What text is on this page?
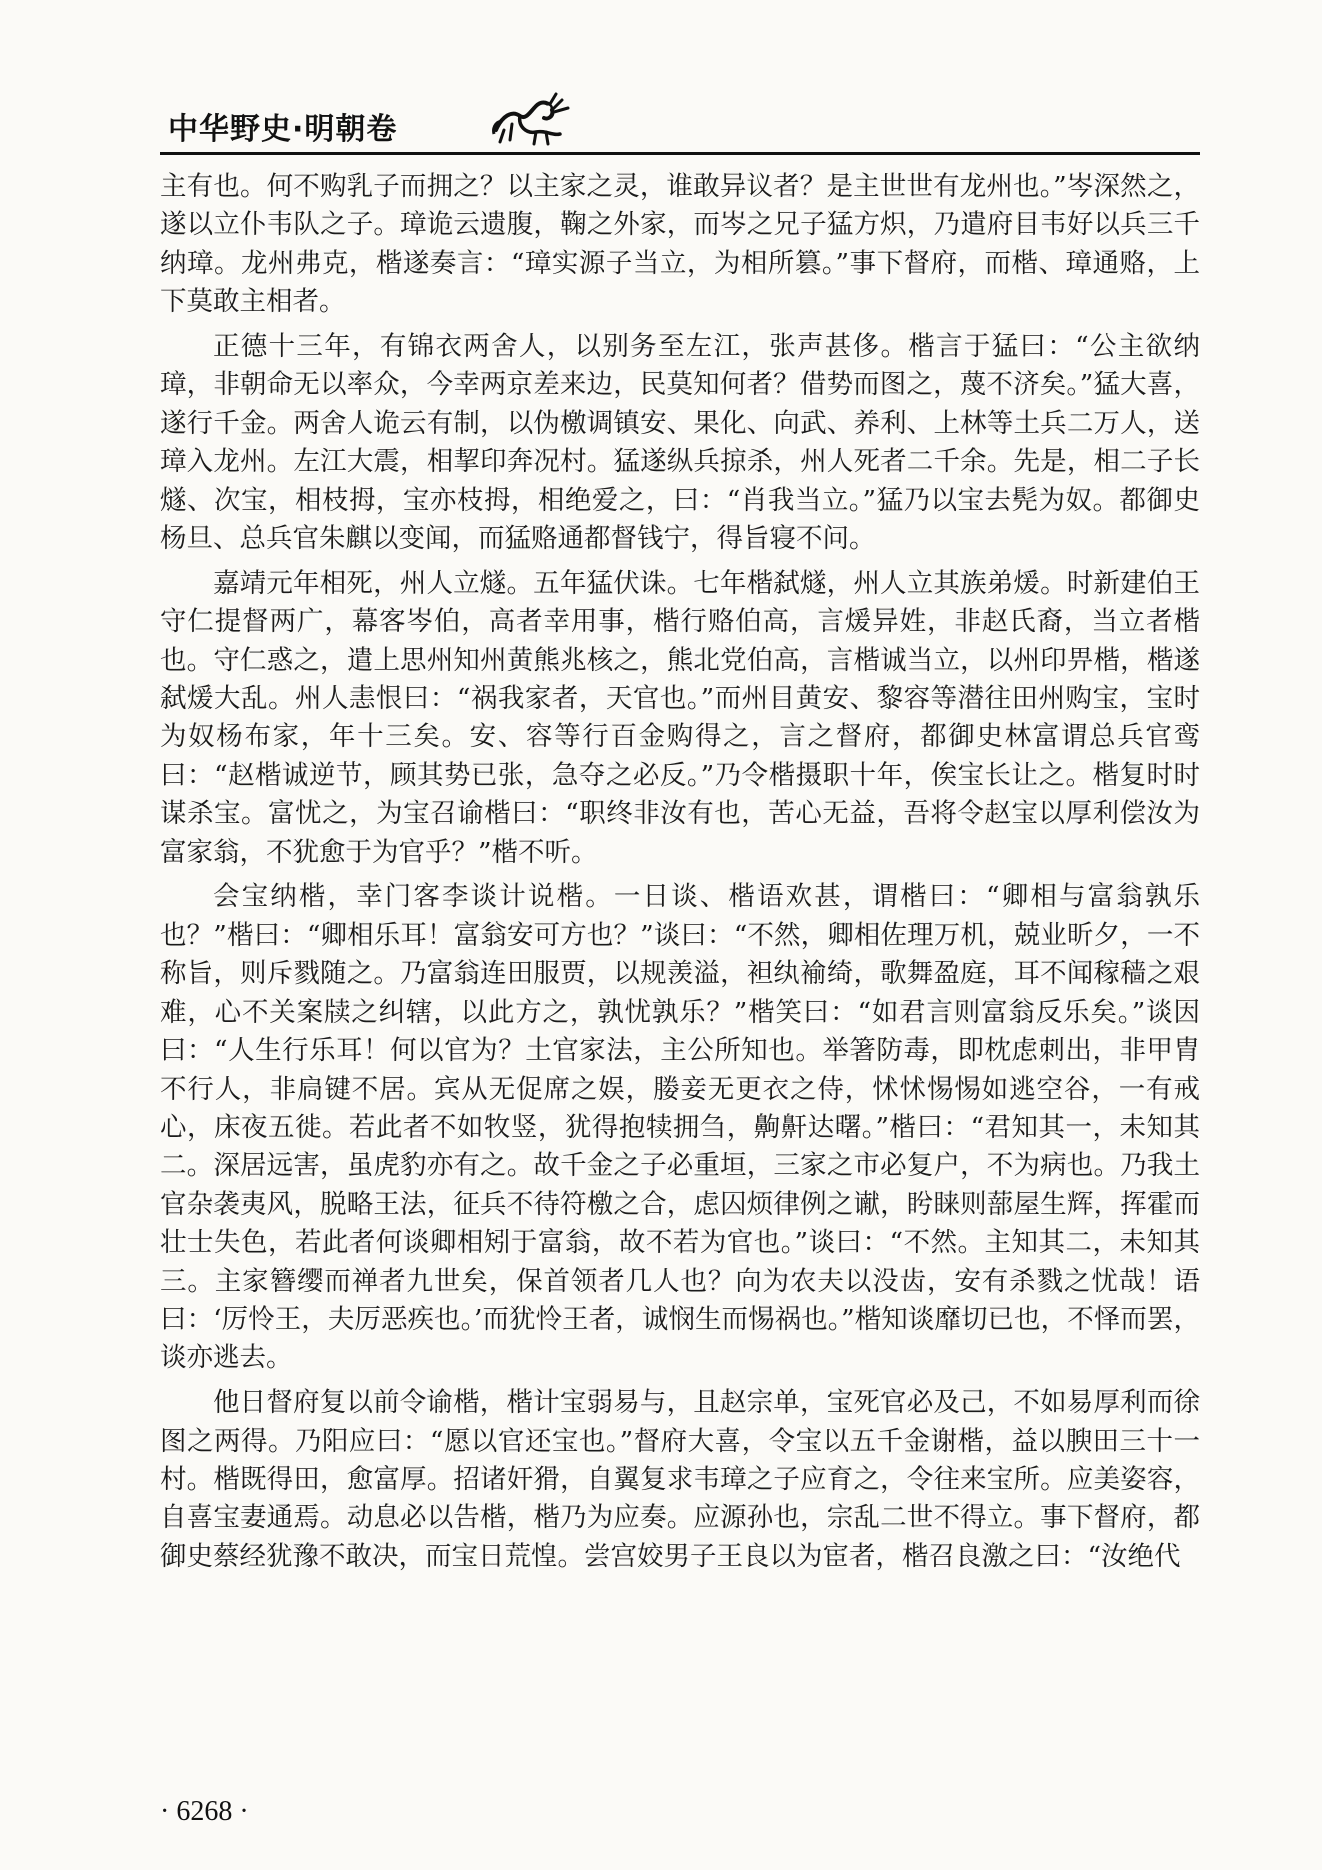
中华野史·明朝卷

主有也。何不购乳子而拥之？以主家之灵，谁敢异议者？是主世世有龙州也。”岑深然之，遂以立仆韦队之子。璋诡云遗腹，鞠之外家，而岑之兄子猛方炽，乃遣府目韦好以兵三千纳璋。龙州弗克，楷遂奏言：“璋实源子当立，为相所篡。”事下督府，而楷、璋通赂，上下莫敢主相者。

正德十三年，有锦衣两舍人，以别务至左江，张声甚侈。楷言于猛曰：“公主欲纳璋，非朝命无以率众，今幸两京差来边，民莫知何者？借势而图之，蔑不济矣。”猛大喜，遂行千金。两舍人诡云有制，以伪檄调镇安、果化、向武、养利、上林等土兵二万人，送璋入龙州。左江大震，相挈印奔况村。猛遂纵兵掠杀，州人死者二千余。先是，相二子长燧、次宝，相枝拇，宝亦枝拇，相绝爱之，曰：“肖我当立。”猛乃以宝去髡为奴。都御史杨旦、总兵官朱麒以变闻，而猛赂通都督钱宁，得旨寝不问。

嘉靖元年相死，州人立燧。五年猛伏诛。七年楷弑燧，州人立其族弟煖。时新建伯王守仁提督两广，幕客岑伯，高者幸用事，楷行赂伯高，言煖异姓，非赵氏裔，当立者楷也。守仁惑之，遣上思州知州黄熊兆核之，熊北党伯高，言楷诚当立，以州印畀楷，楷遂弑煖大乱。州人恚恨曰：“祸我家者，天官也。”而州目黄安、黎容等潜往田州购宝，宝时为奴杨布家，年十三矣。安、容等行百金购得之，言之督府，都御史林富谓总兵官鸾曰：“赵楷诚逆节，顾其势已张，急夺之必反。”乃令楷摄职十年，俟宝长让之。楷复时时谋杀宝。富忧之，为宝召谕楷曰：“职终非汝有也，苦心无益，吾将令赵宝以厚利偿汝为富家翁，不犹愈于为官乎？”楷不听。

会宝纳楷，幸门客李谈计说楷。一日谈、楷语欢甚，谓楷曰：“卿相与富翁孰乐也？”楷曰：“卿相乐耳！富翁安可方也？”谈曰：“不然，卿相佐理万机，兢业昕夕，一不称旨，则斥戮随之。乃富翁连田服贾，以规羡溢，袒纨褕绮，歌舞盈庭，耳不闻稼穑之艰难，心不关案牍之纠辖，以此方之，孰忧孰乐？”楷笑曰：“如君言则富翁反乐矣。”谈因曰：“人生行乐耳！何以官为？土官家法，主公所知也。举箸防毒，即枕虑刺出，非甲胄不行人，非扃键不居。宾从无促席之娱，媵妾无更衣之侍，怵怵惕惕如逃空谷，一有戒心，床夜五徙。若此者不如牧竖，犹得抱犊拥刍，齁鼾达曙。”楷曰：“君知其一，未知其二。深居远害，虽虎豹亦有之。故千金之子必重垣，三家之市必复户，不为病也。乃我土官杂袭夷风，脱略王法，征兵不待符檄之合，虑囚烦律例之谳，盻睐则蔀屋生辉，挥霍而壮士失色，若此者何谈卿相矧于富翁，故不若为官也。”谈曰：“不然。主知其二，未知其三。主家簪缨而禅者九世矣，保首领者几人也？向为农夫以没齿，安有杀戮之忧哉！语曰：‘厉怜王，夫厉恶疾也。’而犹怜王者，诚悯生而惕祸也。”楷知谈靡切已也，不怿而罢，谈亦逃去。

他日督府复以前令谕楷，楷计宝弱易与，且赵宗单，宝死官必及己，不如易厚利而徐图之两得。乃阳应曰：“愿以官还宝也。”督府大喜，令宝以五千金谢楷，益以腴田三十一村。楷既得田，愈富厚。招诸奸猾，自翼复求韦璋之子应育之，令往来宝所。应美姿容，自喜宝妻通焉。动息必以告楷，楷乃为应奏。应源孙也，宗乱二世不得立。事下督府，都御史蔡经犹豫不敢决，而宝日荒惶。尝宫姣男子王良以为宦者，楷召良激之曰：“汝绝代

· 6268 ·
